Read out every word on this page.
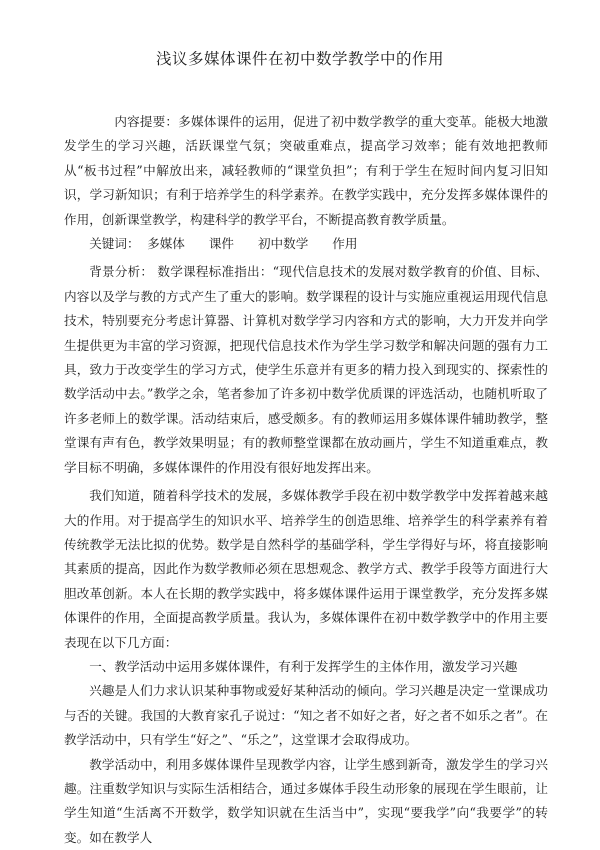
浅议多媒体课件在初中数学教学中的作用

内容提要：多媒体课件的运用，促进了初中数学教学的重大变革。能极大地激发学生的学习兴趣，活跃课堂气氛；突破重难点，提高学习效率；能有效地把教师从“板书过程”中解放出来，减轻教师的“课堂负担”；有利于学生在短时间内复习旧知识，学习新知识；有利于培养学生的科学素养。在教学实践中，充分发挥多媒体课件的作用，创新课堂教学，构建科学的教学平台，不断提高教育教学质量。

关键词： 多媒体 课件 初中数学 作用

背景分析： 数学课程标准指出：“现代信息技术的发展对数学教育的价值、目标、内容以及学与教的方式产生了重大的影响。数学课程的设计与实施应重视运用现代信息技术，特别要充分考虑计算器、计算机对数学学习内容和方式的影响，大力开发并向学生提供更为丰富的学习资源，把现代信息技术作为学生学习数学和解决问题的强有力工具，致力于改变学生的学习方式，使学生乐意并有更多的精力投入到现实的、探索性的数学活动中去。”教学之余，笔者参加了许多初中数学优质课的评选活动，也随机听取了许多老师上的数学课。活动结束后，感受颇多。有的教师运用多媒体课件辅助教学，整堂课有声有色，教学效果明显；有的教师整堂课都在放动画片，学生不知道重难点，教学目标不明确，多媒体课件的作用没有很好地发挥出来。

我们知道，随着科学技术的发展，多媒体教学手段在初中数学教学中发挥着越来越大的作用。对于提高学生的知识水平、培养学生的创造思维、培养学生的科学素养有着传统教学无法比拟的优势。数学是自然科学的基础学科，学生学得好与坏，将直接影响其素质的提高，因此作为数学教师必须在思想观念、教学方式、教学手段等方面进行大胆改革创新。本人在长期的教学实践中，将多媒体课件运用于课堂教学，充分发挥多媒体课件的作用，全面提高教学质量。我认为，多媒体课件在初中数学教学中的作用主要表现在以下几方面：

一、教学活动中运用多媒体课件，有利于发挥学生的主体作用，激发学习兴趣

兴趣是人们力求认识某种事物或爱好某种活动的倾向。学习兴趣是决定一堂课成功与否的关键。我国的大教育家孔子说过：“知之者不如好之者，好之者不如乐之者”。在教学活动中，只有学生“好之”、“乐之”，这堂课才会取得成功。

教学活动中，利用多媒体课件呈现教学内容，让学生感到新奇，激发学生的学习兴趣。注重数学知识与实际生活相结合，通过多媒体手段生动形象的展现在学生眼前，让学生知道“生活离不开数学，数学知识就在生活当中”，实现“要我学”向“我要学”的转变。如在教学人
